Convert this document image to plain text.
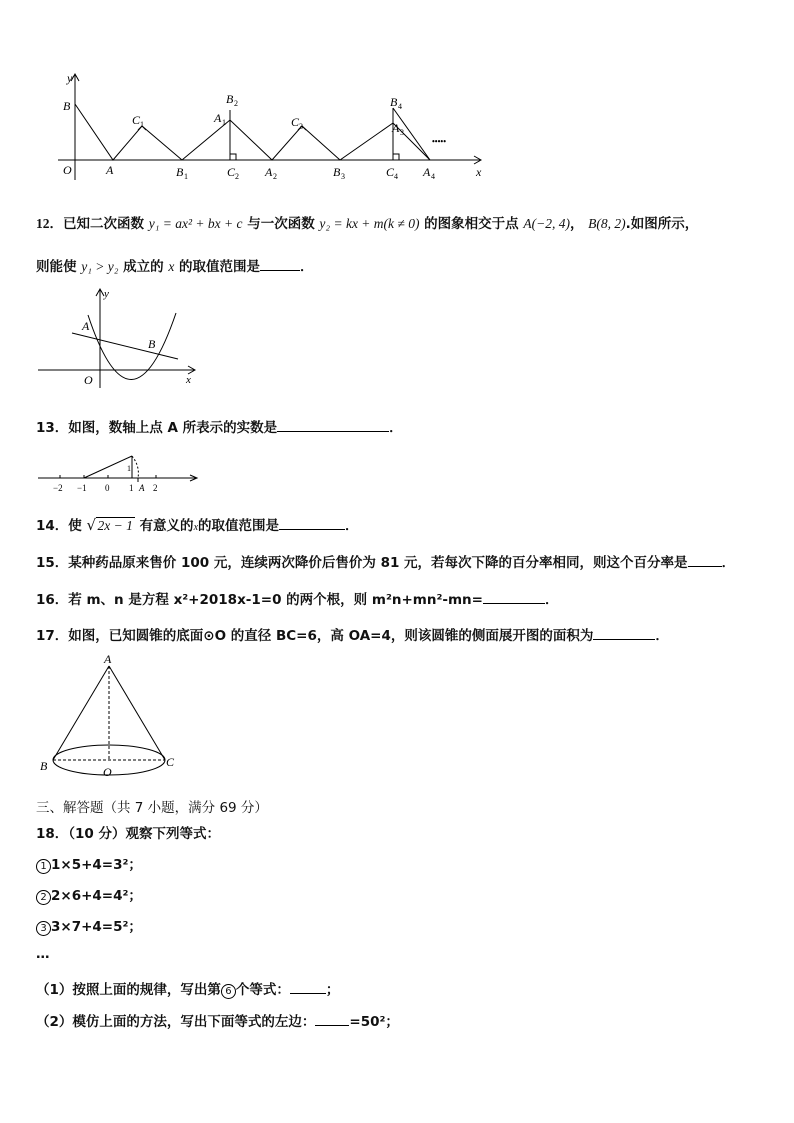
y
x
O
B
A	B 1
C 1	A 1
B 2
C 2 A 2
C 3
B 3
B 4
A 3
C 4 A 4
•••••
12．已知二次函数 y₁ = ax² + bx + c 与一次函数 y₂ = kx + m(k ≠ 0) 的图象相交于点 A(−2, 4)， B(8, 2).如图所示，
则能使 y₁ > y₂ 成立的 x 的取值范围是	．
y
x
O
A
B
13．如图，数轴上点 A 所表示的实数是	．
−2 −1 0 1 2
1
A
14．使 √ 2x − 1 有意义的x的取值范围是	．
15．某种药品原来售价 100 元，连续两次降价后售价为 81 元，若每次下降的百分率相同，则这个百分率是	．
16．若 m、n 是方程 x²+2018x-1=0 的两个根，则 m²n+mn²-mn=	．
17．如图，已知圆锥的底面⊙O 的直径 BC=6，高 OA=4，则该圆锥的侧面展开图的面积为	．
A
B	C
O
三、解答题（共 7 小题，满分 69 分）
18．（10 分）观察下列等式：
1 1×5+4=3²；
2 2×6+4=4²；
3 3×7+4=5²；
…
（1）按照上面的规律，写出第 6 个等式：	；
（2）模仿上面的方法，写出下面等式的左边：	=50²；
